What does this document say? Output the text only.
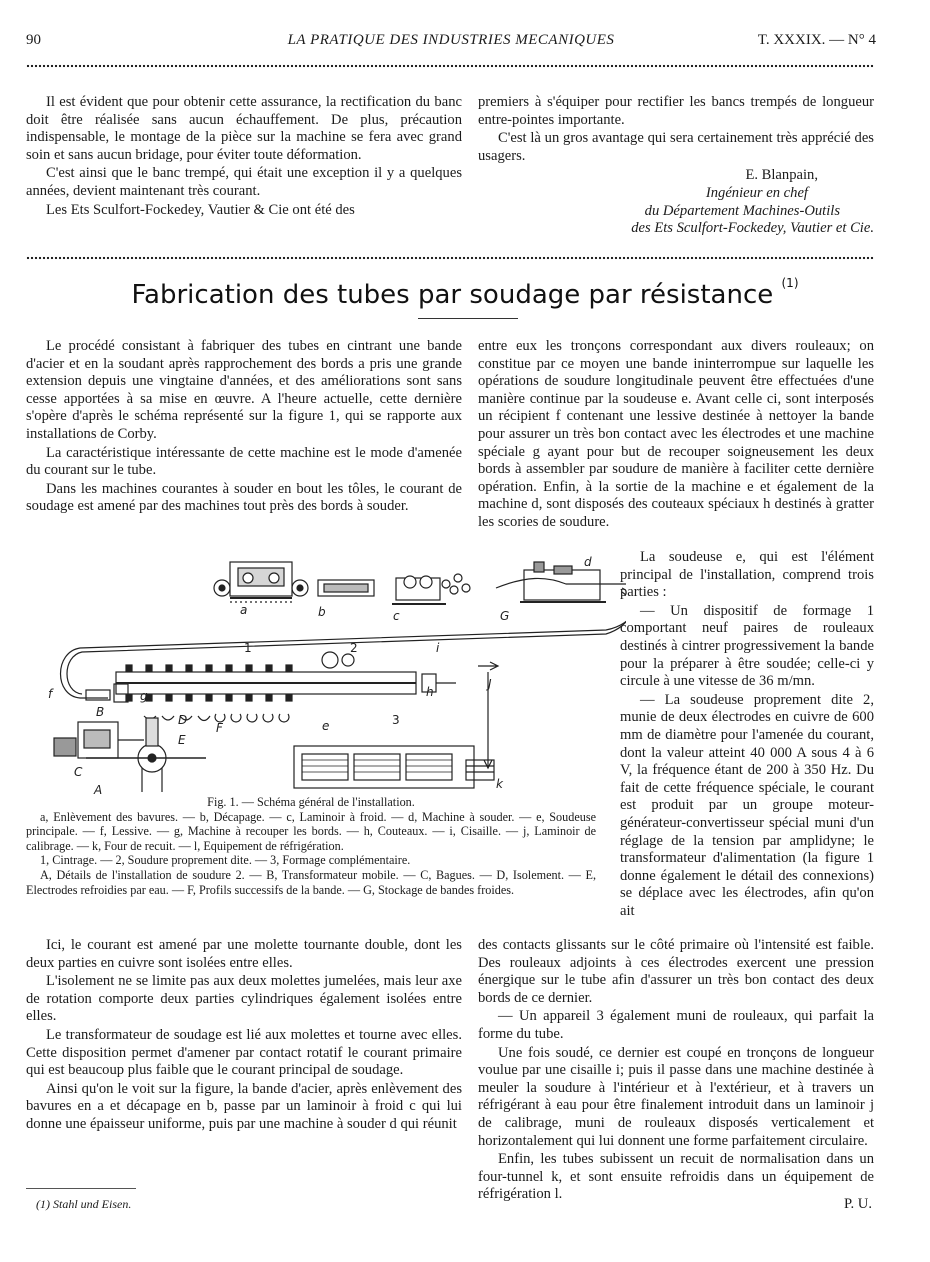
90	LA PRATIQUE DES INDUSTRIES MECANIQUES	T. XXXIX. — N° 4

Il est évident que pour obtenir cette assurance, la rectification du banc doit être réalisée sans aucun échauffement. De plus, précaution indispensable, le montage de la pièce sur la machine se fera avec grand soin et sans aucun bridage, pour éviter toute déformation.

C'est ainsi que le banc trempé, qui était une exception il y a quelques années, devient maintenant très courant.

Les Ets Sculfort-Fockedey, Vautier & Cie ont été des

premiers à s'équiper pour rectifier les bancs trempés de longueur entre-pointes importante.

C'est là un gros avantage qui sera certainement très apprécié des usagers.

E. Blanpain,
Ingénieur en chef
du Département Machines-Outils
des Ets Sculfort-Fockedey, Vautier et Cie.
Fabrication des tubes par soudage par résistance $^{(1)}$

Le procédé consistant à fabriquer des tubes en cintrant une bande d'acier et en la soudant après rapprochement des bords a pris une grande extension depuis une vingtaine d'années, et des améliorations sont sans cesse apportées à sa mise en œuvre. A l'heure actuelle, cette dernière s'opère d'après le schéma représenté sur la figure 1, qui se rapporte aux installations de Corby.

La caractéristique intéressante de cette machine est le mode d'amenée du courant sur le tube.

Dans les machines courantes à souder en bout les tôles, le courant de soudage est amené par des machines tout près des bords à souder.

entre eux les tronçons correspondant aux divers rouleaux; on constitue par ce moyen une bande ininterrompue sur laquelle les opérations de soudure longitudinale peuvent être effectuées d'une manière continue par la soudeuse e. Avant celle ci, sont interposés un récipient f contenant une lessive destinée à nettoyer la bande pour assurer un très bon contact avec les électrodes et une machine spéciale g ayant pour but de recouper soigneusement les deux bords à assembler par soudure de manière à faciliter cette dernière opération. Enfin, à la sortie de la machine e et également de la machine d, sont disposés des couteaux spéciaux h destinés à gratter les scories de soudure.

a	b	c
d
e
f	g	h
i
J
k
F
G
B
C
D
E
A
1	2
3
Fig. 1. — Schéma général de l'installation.

a, Enlèvement des bavures. — b, Décapage. — c, Laminoir à froid. — d, Machine à souder. — e, Soudeuse principale. — f, Lessive. — g, Machine à recouper les bords. — h, Couteaux. — i, Cisaille. — j, Laminoir de calibrage. — k, Four de recuit. — l, Equipement de réfrigération.

1, Cintrage. — 2, Soudure proprement dite. — 3, Formage complémentaire.

A, Détails de l'installation de soudure 2. — B, Transformateur mobile. — C, Bagues. — D, Isolement. — E, Electrodes refroidies par eau. — F, Profils successifs de la bande. — G, Stockage de bandes froides.

La soudeuse e, qui est l'élément principal de l'installation, comprend trois parties :

— Un dispositif de formage 1 comportant neuf paires de rouleaux destinés à cintrer progressivement la bande pour la préparer à être soudée; celle-ci y circule à une vitesse de 36 m/mn.

— La soudeuse proprement dite 2, munie de deux électrodes en cuivre de 600 mm de diamètre pour l'amenée du courant, dont la valeur atteint 40 000 A sous 4 à 6 V, la fréquence étant de 200 à 350 Hz. Du fait de cette fréquence spéciale, le courant est produit par un groupe moteur-générateur-convertisseur spécial muni d'un réglage de la tension par amplidyne; le transformateur d'alimentation (la figure 1 donne également le détail des connexions) se déplace avec les électrodes, afin qu'on ait

Ici, le courant est amené par une molette tournante double, dont les deux parties en cuivre sont isolées entre elles.

L'isolement ne se limite pas aux deux molettes jumelées, mais leur axe de rotation comporte deux parties cylindriques également isolées entre elles.

Le transformateur de soudage est lié aux molettes et tourne avec elles. Cette disposition permet d'amener par contact rotatif le courant primaire qui est beaucoup plus faible que le courant principal de soudage.

Ainsi qu'on le voit sur la figure, la bande d'acier, après enlèvement des bavures en a et décapage en b, passe par un laminoir à froid c qui lui donne une épaisseur uniforme, puis par une machine à souder d qui réunit

des contacts glissants sur le côté primaire où l'intensité est faible. Des rouleaux adjoints à ces électrodes exercent une pression énergique sur le tube afin d'assurer un très bon contact des deux bords de ce dernier.

— Un appareil 3 également muni de rouleaux, qui parfait la forme du tube.

Une fois soudé, ce dernier est coupé en tronçons de longueur voulue par une cisaille i; puis il passe dans une machine destinée à meuler la soudure à l'intérieur et à l'extérieur, et à travers un réfrigérant à eau pour être finalement introduit dans un laminoir j de calibrage, muni de rouleaux disposés verticalement et horizontalement qui lui donnent une forme parfaitement circulaire.

Enfin, les tubes subissent un recuit de normalisation dans un four-tunnel k, et sont ensuite refroidis dans un équipement de réfrigération l.

P. U.
(1) Stahl und Eisen.
